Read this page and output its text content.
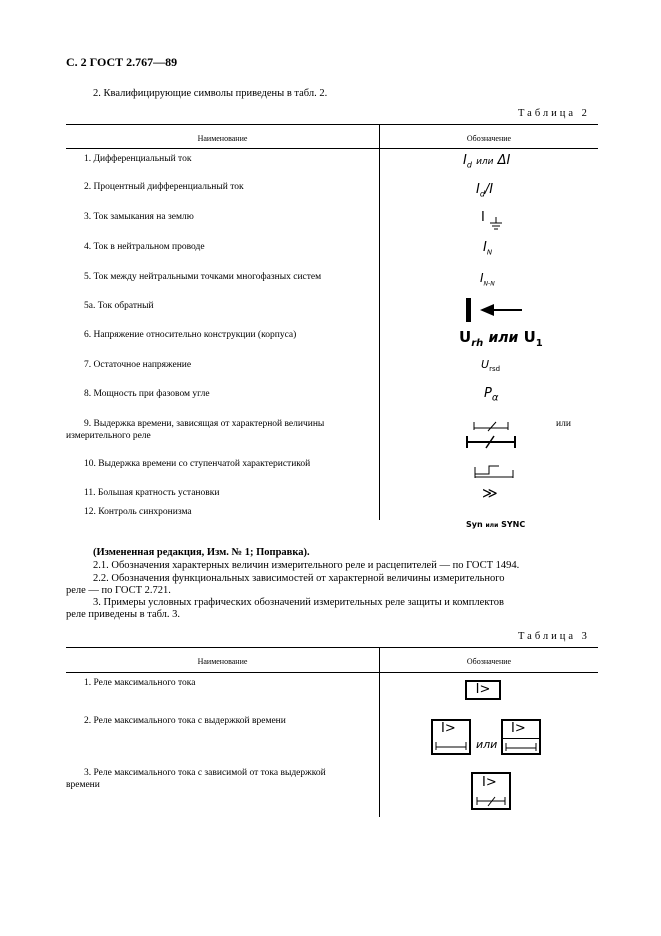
С. 2 ГОСТ 2.767—89
2. Квалифицирующие символы приведены в табл. 2.
Таблица 2
Наименование	Обозначение
1. Дифференциальный ток
2. Процентный дифференциальный ток
3. Ток замыкания на землю
4. Ток в нейтральном проводе
5. Ток между нейтральными точками многофазных систем
5а. Ток обратный
6. Напряжение относительно конструкции (корпуса)
7. Остаточное напряжение
8. Мощность при фазовом угле
9. Выдержка времени, зависящая от характерной величины
измерительного реле
10. Выдержка времени со ступенчатой характеристикой
11. Большая кратность установки
12. Контроль синхронизма
$I_d$ или ΔI
$I_d/I$
I
$I_N$
$I_{N-N}$
$U_{rh}$ или $U_1$
$U_{rsd}$
$P_\alpha$
или
≫
Syn или SYNC
(Измененная редакция, Изм. № 1; Поправка).
2.1. Обозначения характерных величин измерительного реле и расцепителей — по ГОСТ 1494.
2.2. Обозначения функциональных зависимостей от характерной величины измерительного
реле — по ГОСТ 2.721.
3. Примеры условных графических обозначений измерительных реле защиты и комплектов
реле приведены в табл. 3.
Таблица 3
Наименование	Обозначение
1. Реле максимального тока
2. Реле максимального тока с выдержкой времени
3. Реле максимального тока с зависимой от тока выдержкой
времени
I>
I>
или
I>
I>
